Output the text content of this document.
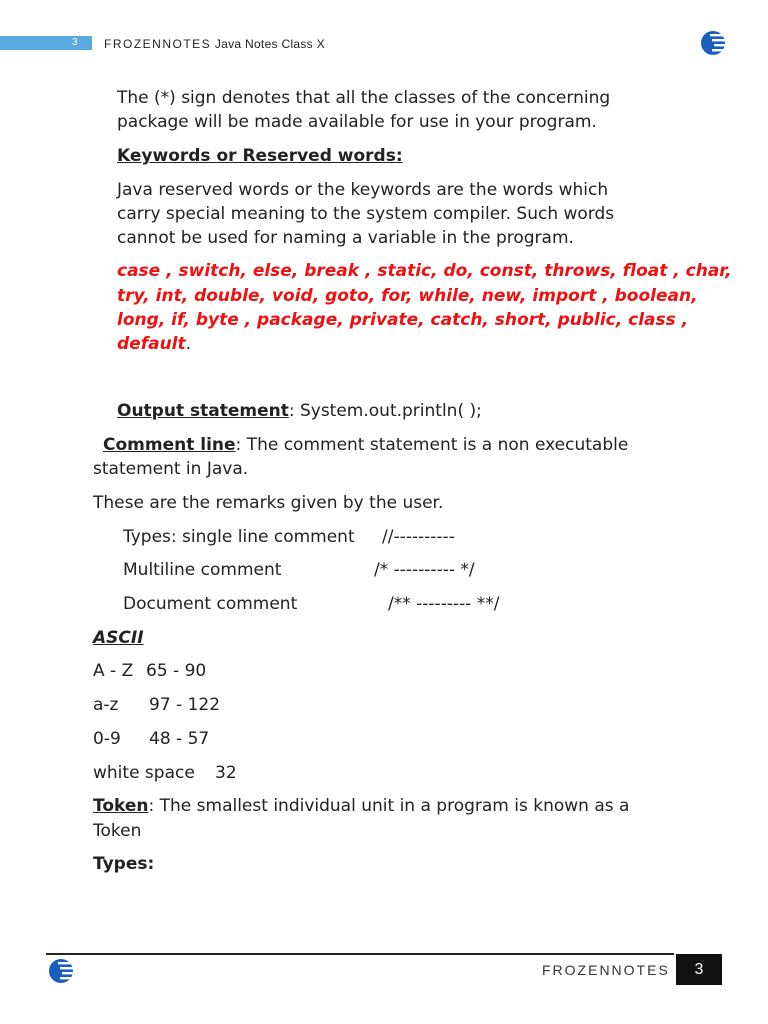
3 FROZENNOTES Java Notes Class X
The (*) sign denotes that all the classes of the concerning
package will be made available for use in your program.
Keywords or Reserved words:
Java reserved words or the keywords are the words which
carry special meaning to the system compiler. Such words
cannot be used for naming a variable in the program.
case , switch, else, break , static, do, const, throws, float , char,
try, int, double, void, goto, for, while, new, import , boolean,
long, if, byte , package, private, catch, short, public, class ,
default.
Output statement: System.out.println( );
Comment line: The comment statement is a non executable
statement in Java.
These are the remarks given by the user.
Types: single line comment //----------
Multiline comment	/* ---------- */
Document comment	/** --------- **/
ASCII
A - Z 65 - 90
a-z 97 - 122
0-9 48 - 57
white space 32
Token: The smallest individual unit in a program is known as a
Token
Types:
FROZENNOTES	3
